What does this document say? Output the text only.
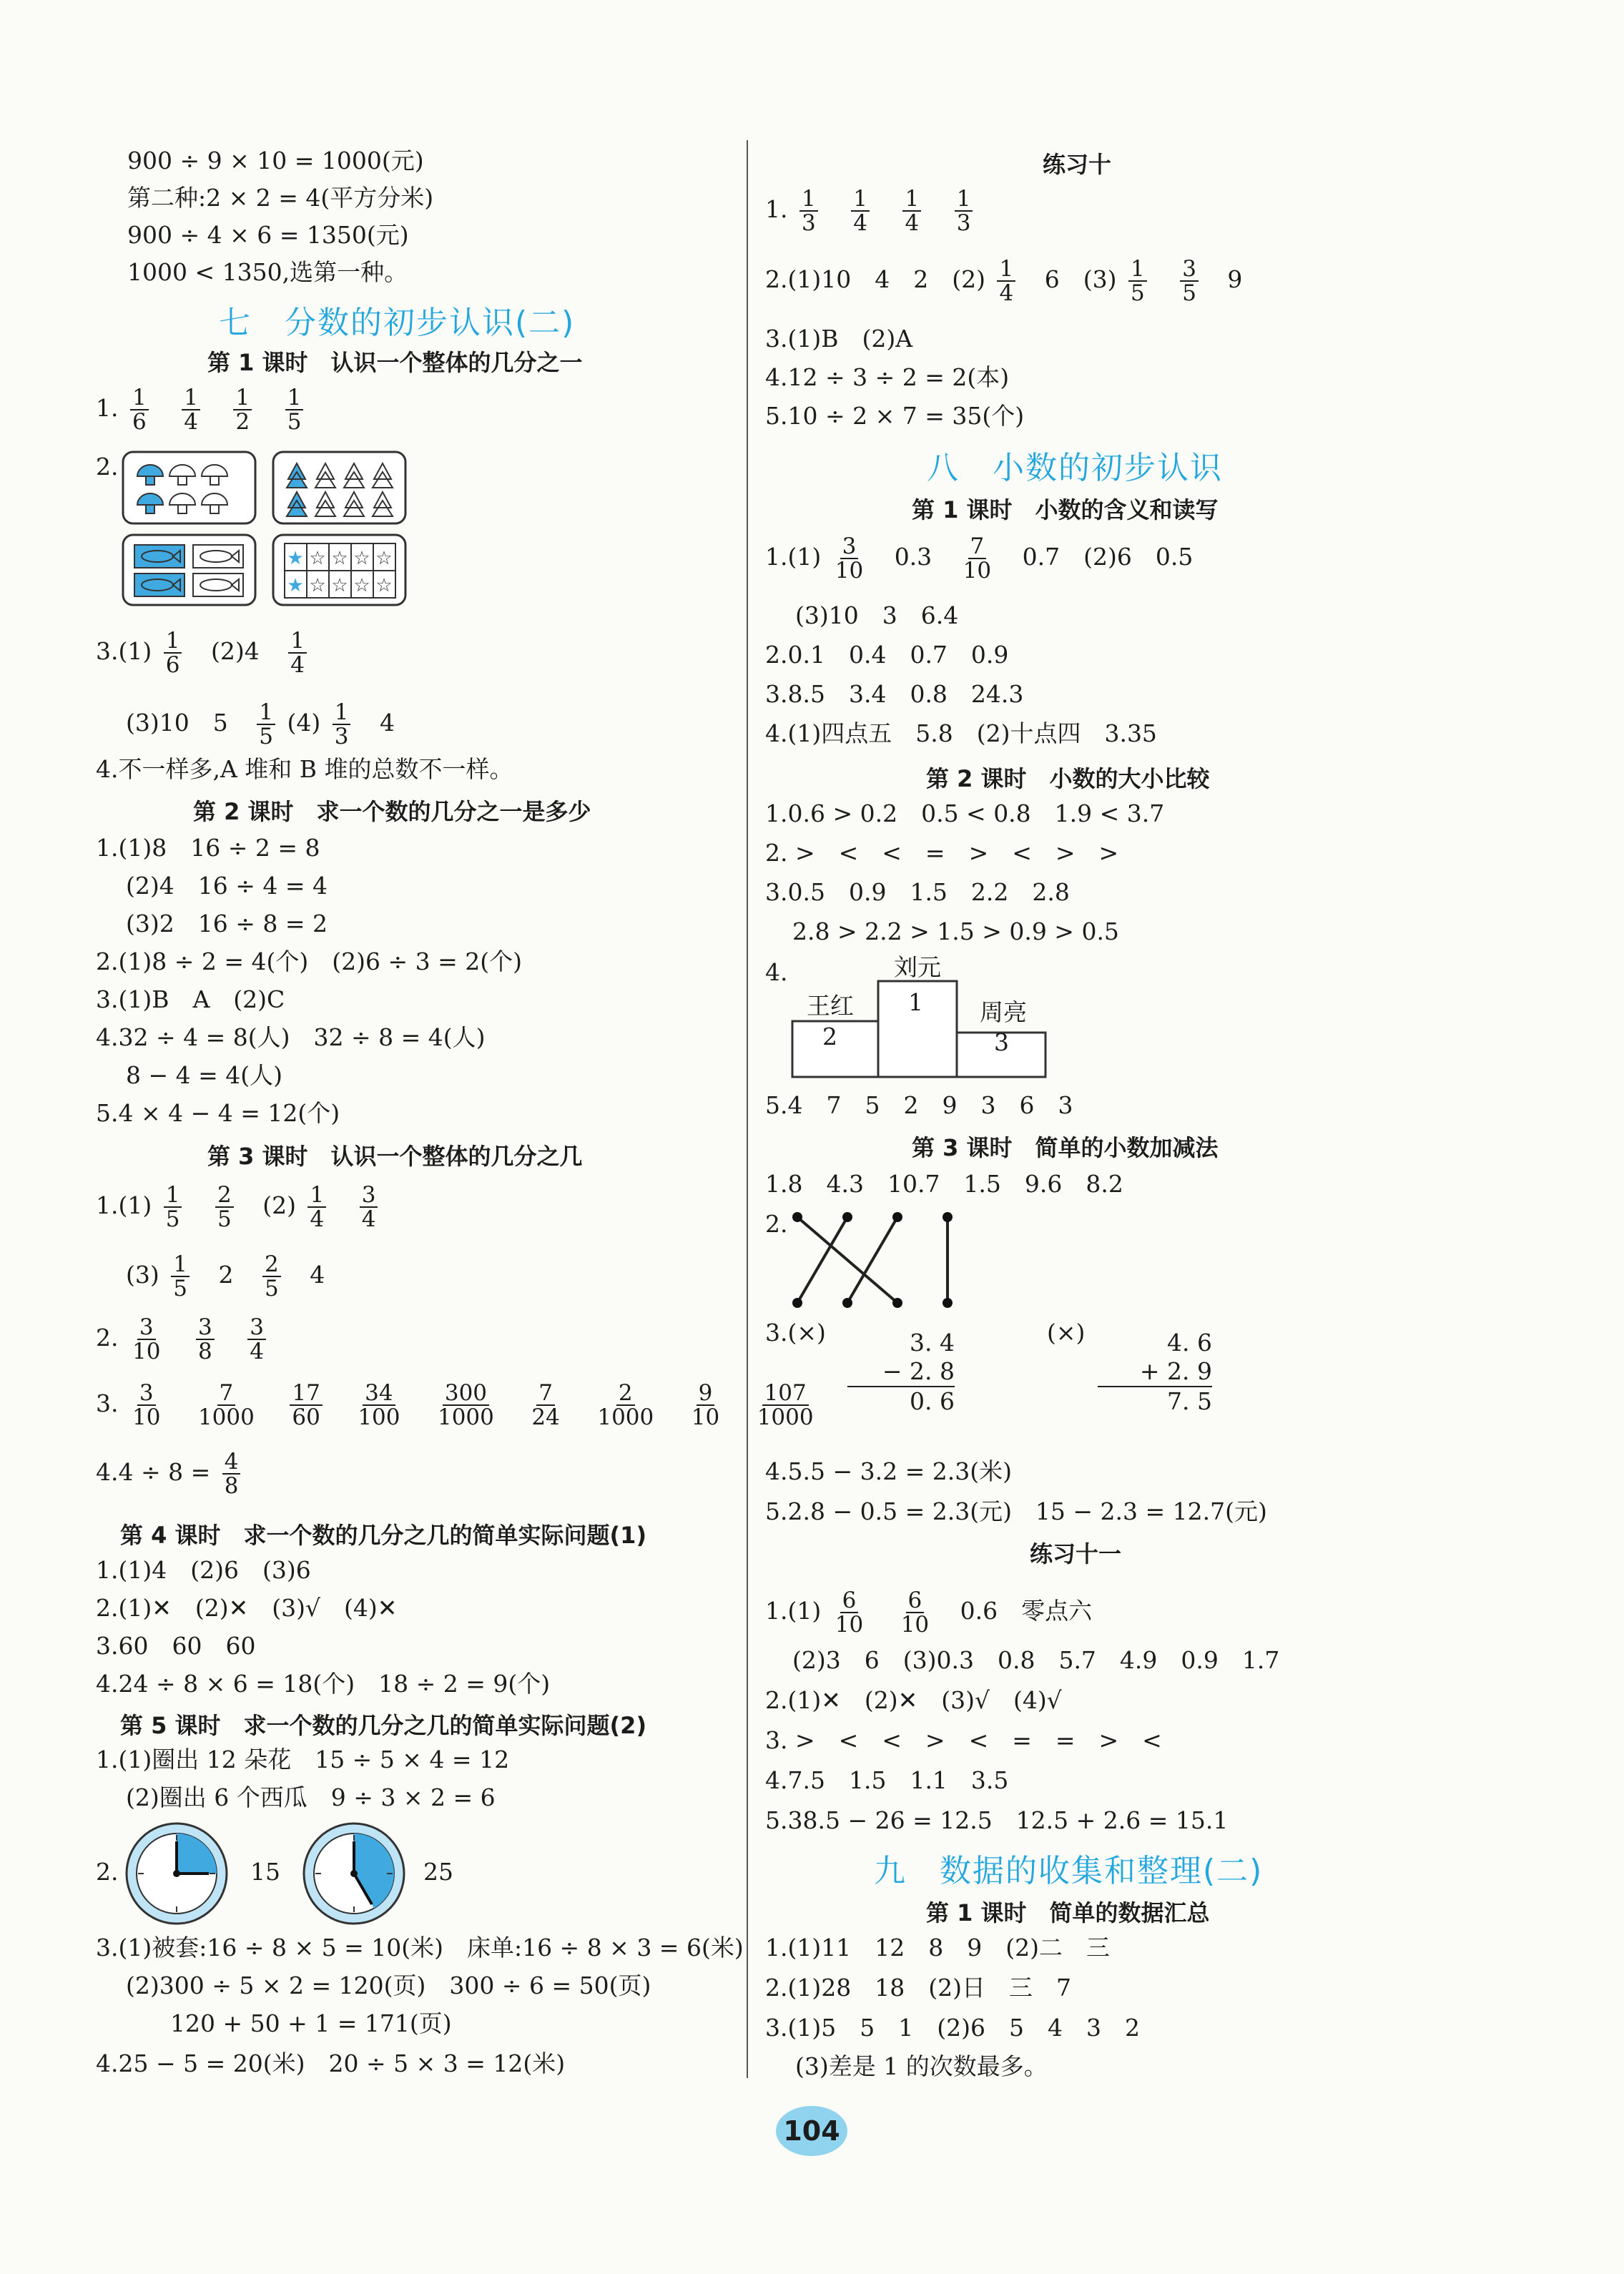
900 ÷ 9 × 10 = 1000(元)
第二种:2 × 2 = 4(平方分米)
900 ÷ 4 × 6 = 1350(元)
1000 < 1350,选第一种。
七　分数的初步认识(二)
第 1 课时　认识一个整体的几分之一
1. $\frac{1}{6}$
$\frac{1}{4}$
$\frac{1}{2}$
$\frac{1}{5}$
2.
★ ☆ ☆ ☆ ☆
★ ☆ ☆ ☆ ☆
$3.(1) \frac{1}{6} (2)4 \frac{1}{4}$
(3)10　$5 \frac{1}{5} (4) \frac{1}{3} 4$
4.不一样多,A 堆和 B 堆的总数不一样。
第 2 课时　求一个数的几分之一是多少
1.(1)8　16 ÷ 2 = 8
(2)4　16 ÷ 4 = 4
(3)2　16 ÷ 8 = 2
2.(1)8 ÷ 2 = 4(个)　(2)6 ÷ 3 = 2(个)
3.(1)B　A　(2)C
4.32 ÷ 4 = 8(人)　32 ÷ 8 = 4(人)
8 − 4 = 4(人)
5.4 × 4 − 4 = 12(个)
第 3 课时　认识一个整体的几分之几
$1.(1) \frac{1}{5}$
$\frac{2}{5} (2) \frac{1}{4}$
$\frac{3}{4}$
$(3) \frac{1}{5} 2 \frac{2}{5} 4$
2. $\frac{3}{10}$
$\frac{3}{8}$
$\frac{3}{4}$
3. $\frac{3}{10}$
$\frac{7}{1000}$
$\frac{17}{60}$
$\frac{34}{100}$
$\frac{300}{1000}$
$\frac{7}{24}$
$\frac{2}{1000}$
$\frac{9}{10}$
$\frac{107}{1000}$
$4.4 \div 8 = \frac{4}{8}$
第 4 课时　求一个数的几分之几的简单实际问题(1)
1.(1)4　(2)6　(3)6
2.(1)✕　(2)✕　(3)√　(4)✕
3.60　60　60
4.24 ÷ 8 × 6 = 18(个)　18 ÷ 2 = 9(个)
第 5 课时　求一个数的几分之几的简单实际问题(2)
1.(1)圈出 12 朵花　15 ÷ 5 × 4 = 12
(2)圈出 6 个西瓜　9 ÷ 3 × 2 = 6
2.	15	25
3.(1)被套:16 ÷ 8 × 5 = 10(米)　床单:16 ÷ 8 × 3 = 6(米)
(2)300 ÷ 5 × 2 = 120(页)　300 ÷ 6 = 50(页)
120 + 50 + 1 = 171(页)
4.25 − 5 = 20(米)　20 ÷ 5 × 3 = 12(米)
练习十
1. $\frac{1}{3}$
$\frac{1}{4}$
$\frac{1}{4}$
$\frac{1}{3}$
2.(1)10　4　2　$(2) \frac{1}{4} 6$　$(3) \frac{1}{5}$
$\frac{3}{5} 9$
3.(1)B　(2)A
4.12 ÷ 3 ÷ 2 = 2(本)
5.10 ÷ 2 × 7 = 35(个)
八　小数的初步认识
第 1 课时　小数的含义和读写
$1.(1) \frac{3}{10} 0.3 \frac{7}{10} 0.7$　(2)6　0.5
(3)10　3　6.4
2.0.1　0.4　0.7　0.9
3.8.5　3.4　0.8　24.3
4.(1)四点五　5.8　(2)十点四　3.35
第 2 课时　小数的大小比较
1.0.6 > 0.2　0.5 < 0.8　1.9 < 3.7
2. >　<　<　=　>　<　>　>
3.0.5　0.9　1.5　2.2　2.8
2.8 > 2.2 > 1.5 > 0.9 > 0.5
4.	刘元
1
王红
2
周亮
3
5.4　7　5　2　9　3　6　3
第 3 课时　简单的小数加减法
1.8　4.3　10.7　1.5　9.6　8.2
2.
3.(×)	3. 4
− 2. 8
0. 6
(×)	4. 6
+ 2. 9
7. 5
4.5.5 − 3.2 = 2.3(米)
5.2.8 − 0.5 = 2.3(元)　15 − 2.3 = 12.7(元)
练习十一
$1.(1) \frac{6}{10}$
$\frac{6}{10} 0.6$　零点六
(2)3　6　(3)0.3　0.8　5.7　4.9　0.9　1.7
2.(1)✕　(2)✕　(3)√　(4)√
3. >　<　<　>　<　=　=　>　<
4.7.5　1.5　1.1　3.5
5.38.5 − 26 = 12.5　12.5 + 2.6 = 15.1
九　数据的收集和整理(二)
第 1 课时　简单的数据汇总
1.(1)11　12　8　9　(2)二　三
2.(1)28　18　(2)日　三　7
3.(1)5　5　1　(2)6　5　4　3　2
(3)差是 1 的次数最多。
104
